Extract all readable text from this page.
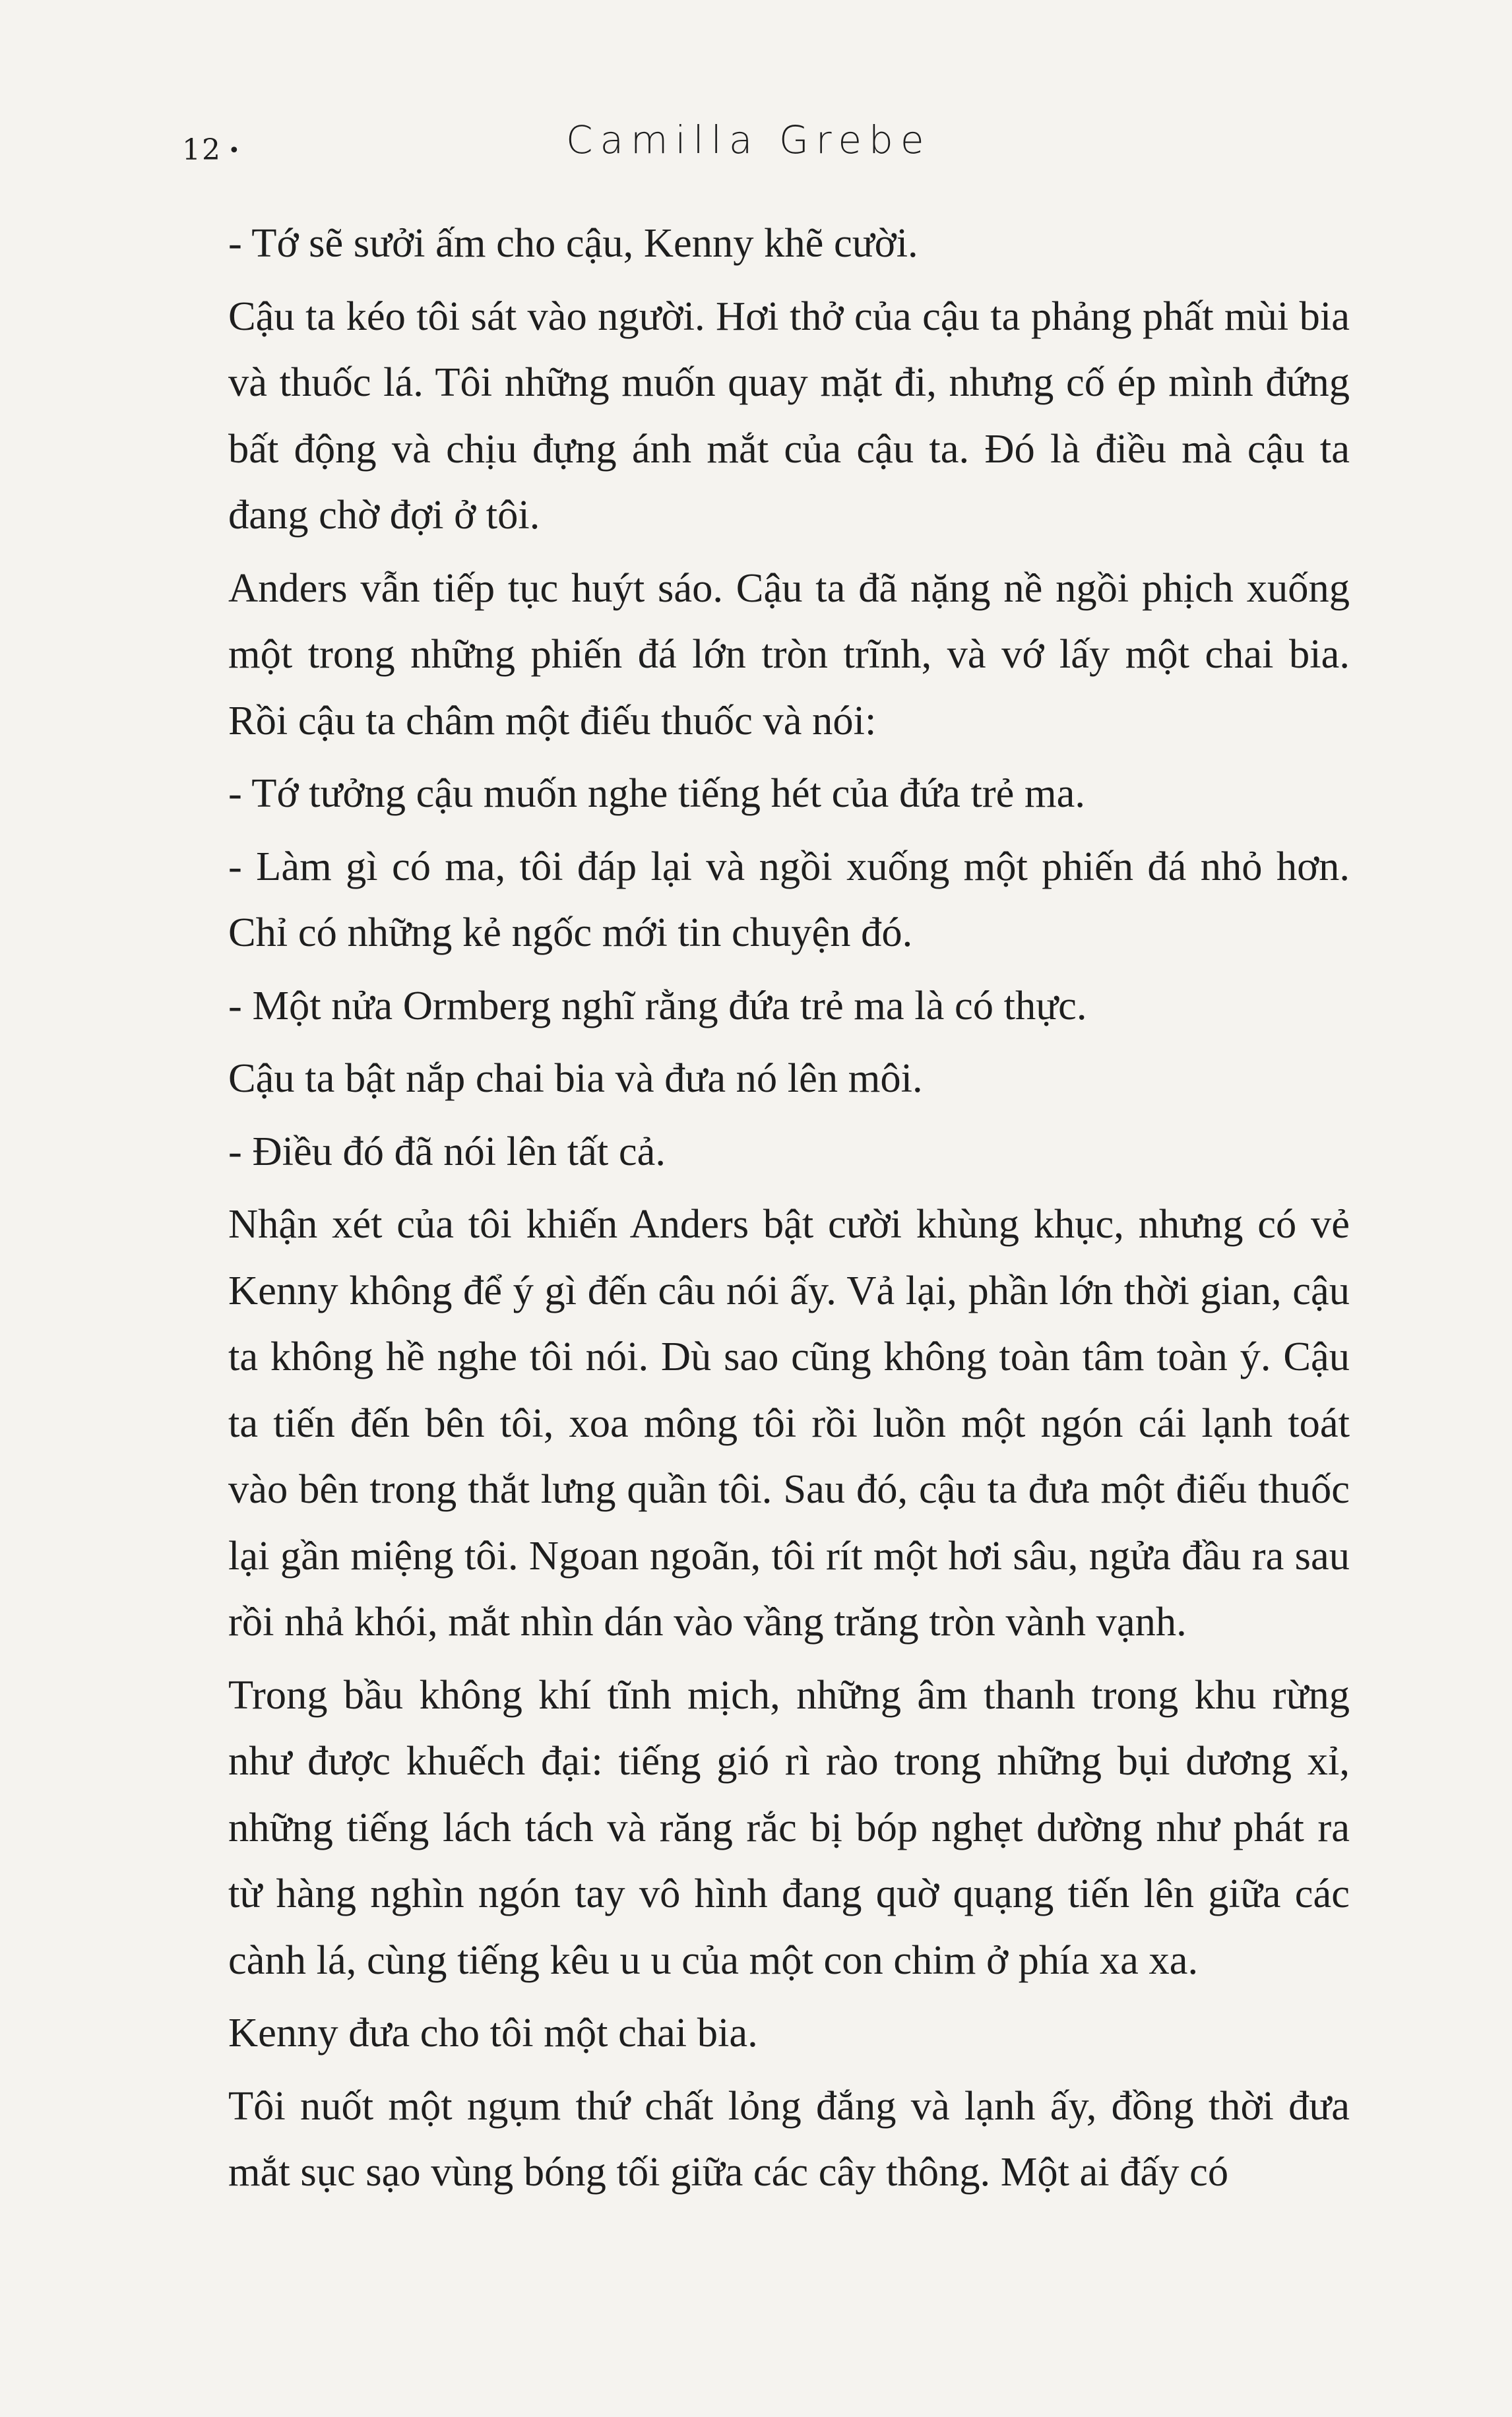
12 •	Camilla Grebe

- Tớ sẽ sưởi ấm cho cậu, Kenny khẽ cười.

Cậu ta kéo tôi sát vào người. Hơi thở của cậu ta phảng phất mùi bia và thuốc lá. Tôi những muốn quay mặt đi, nhưng cố ép mình đứng bất động và chịu đựng ánh mắt của cậu ta. Đó là điều mà cậu ta đang chờ đợi ở tôi.

Anders vẫn tiếp tục huýt sáo. Cậu ta đã nặng nề ngồi phịch xuống một trong những phiến đá lớn tròn trĩnh, và vớ lấy một chai bia. Rồi cậu ta châm một điếu thuốc và nói:

- Tớ tưởng cậu muốn nghe tiếng hét của đứa trẻ ma.

- Làm gì có ma, tôi đáp lại và ngồi xuống một phiến đá nhỏ hơn. Chỉ có những kẻ ngốc mới tin chuyện đó.

- Một nửa Ormberg nghĩ rằng đứa trẻ ma là có thực.

Cậu ta bật nắp chai bia và đưa nó lên môi.

- Điều đó đã nói lên tất cả.

Nhận xét của tôi khiến Anders bật cười khùng khục, nhưng có vẻ Kenny không để ý gì đến câu nói ấy. Vả lại, phần lớn thời gian, cậu ta không hề nghe tôi nói. Dù sao cũng không toàn tâm toàn ý. Cậu ta tiến đến bên tôi, xoa mông tôi rồi luồn một ngón cái lạnh toát vào bên trong thắt lưng quần tôi. Sau đó, cậu ta đưa một điếu thuốc lại gần miệng tôi. Ngoan ngoãn, tôi rít một hơi sâu, ngửa đầu ra sau rồi nhả khói, mắt nhìn dán vào vầng trăng tròn vành vạnh.

Trong bầu không khí tĩnh mịch, những âm thanh trong khu rừng như được khuếch đại: tiếng gió rì rào trong những bụi dương xỉ, những tiếng lách tách và răng rắc bị bóp nghẹt dường như phát ra từ hàng nghìn ngón tay vô hình đang quờ quạng tiến lên giữa các cành lá, cùng tiếng kêu u u của một con chim ở phía xa xa.

Kenny đưa cho tôi một chai bia.

Tôi nuốt một ngụm thứ chất lỏng đắng và lạnh ấy, đồng thời đưa mắt sục sạo vùng bóng tối giữa các cây thông. Một ai đấy có
